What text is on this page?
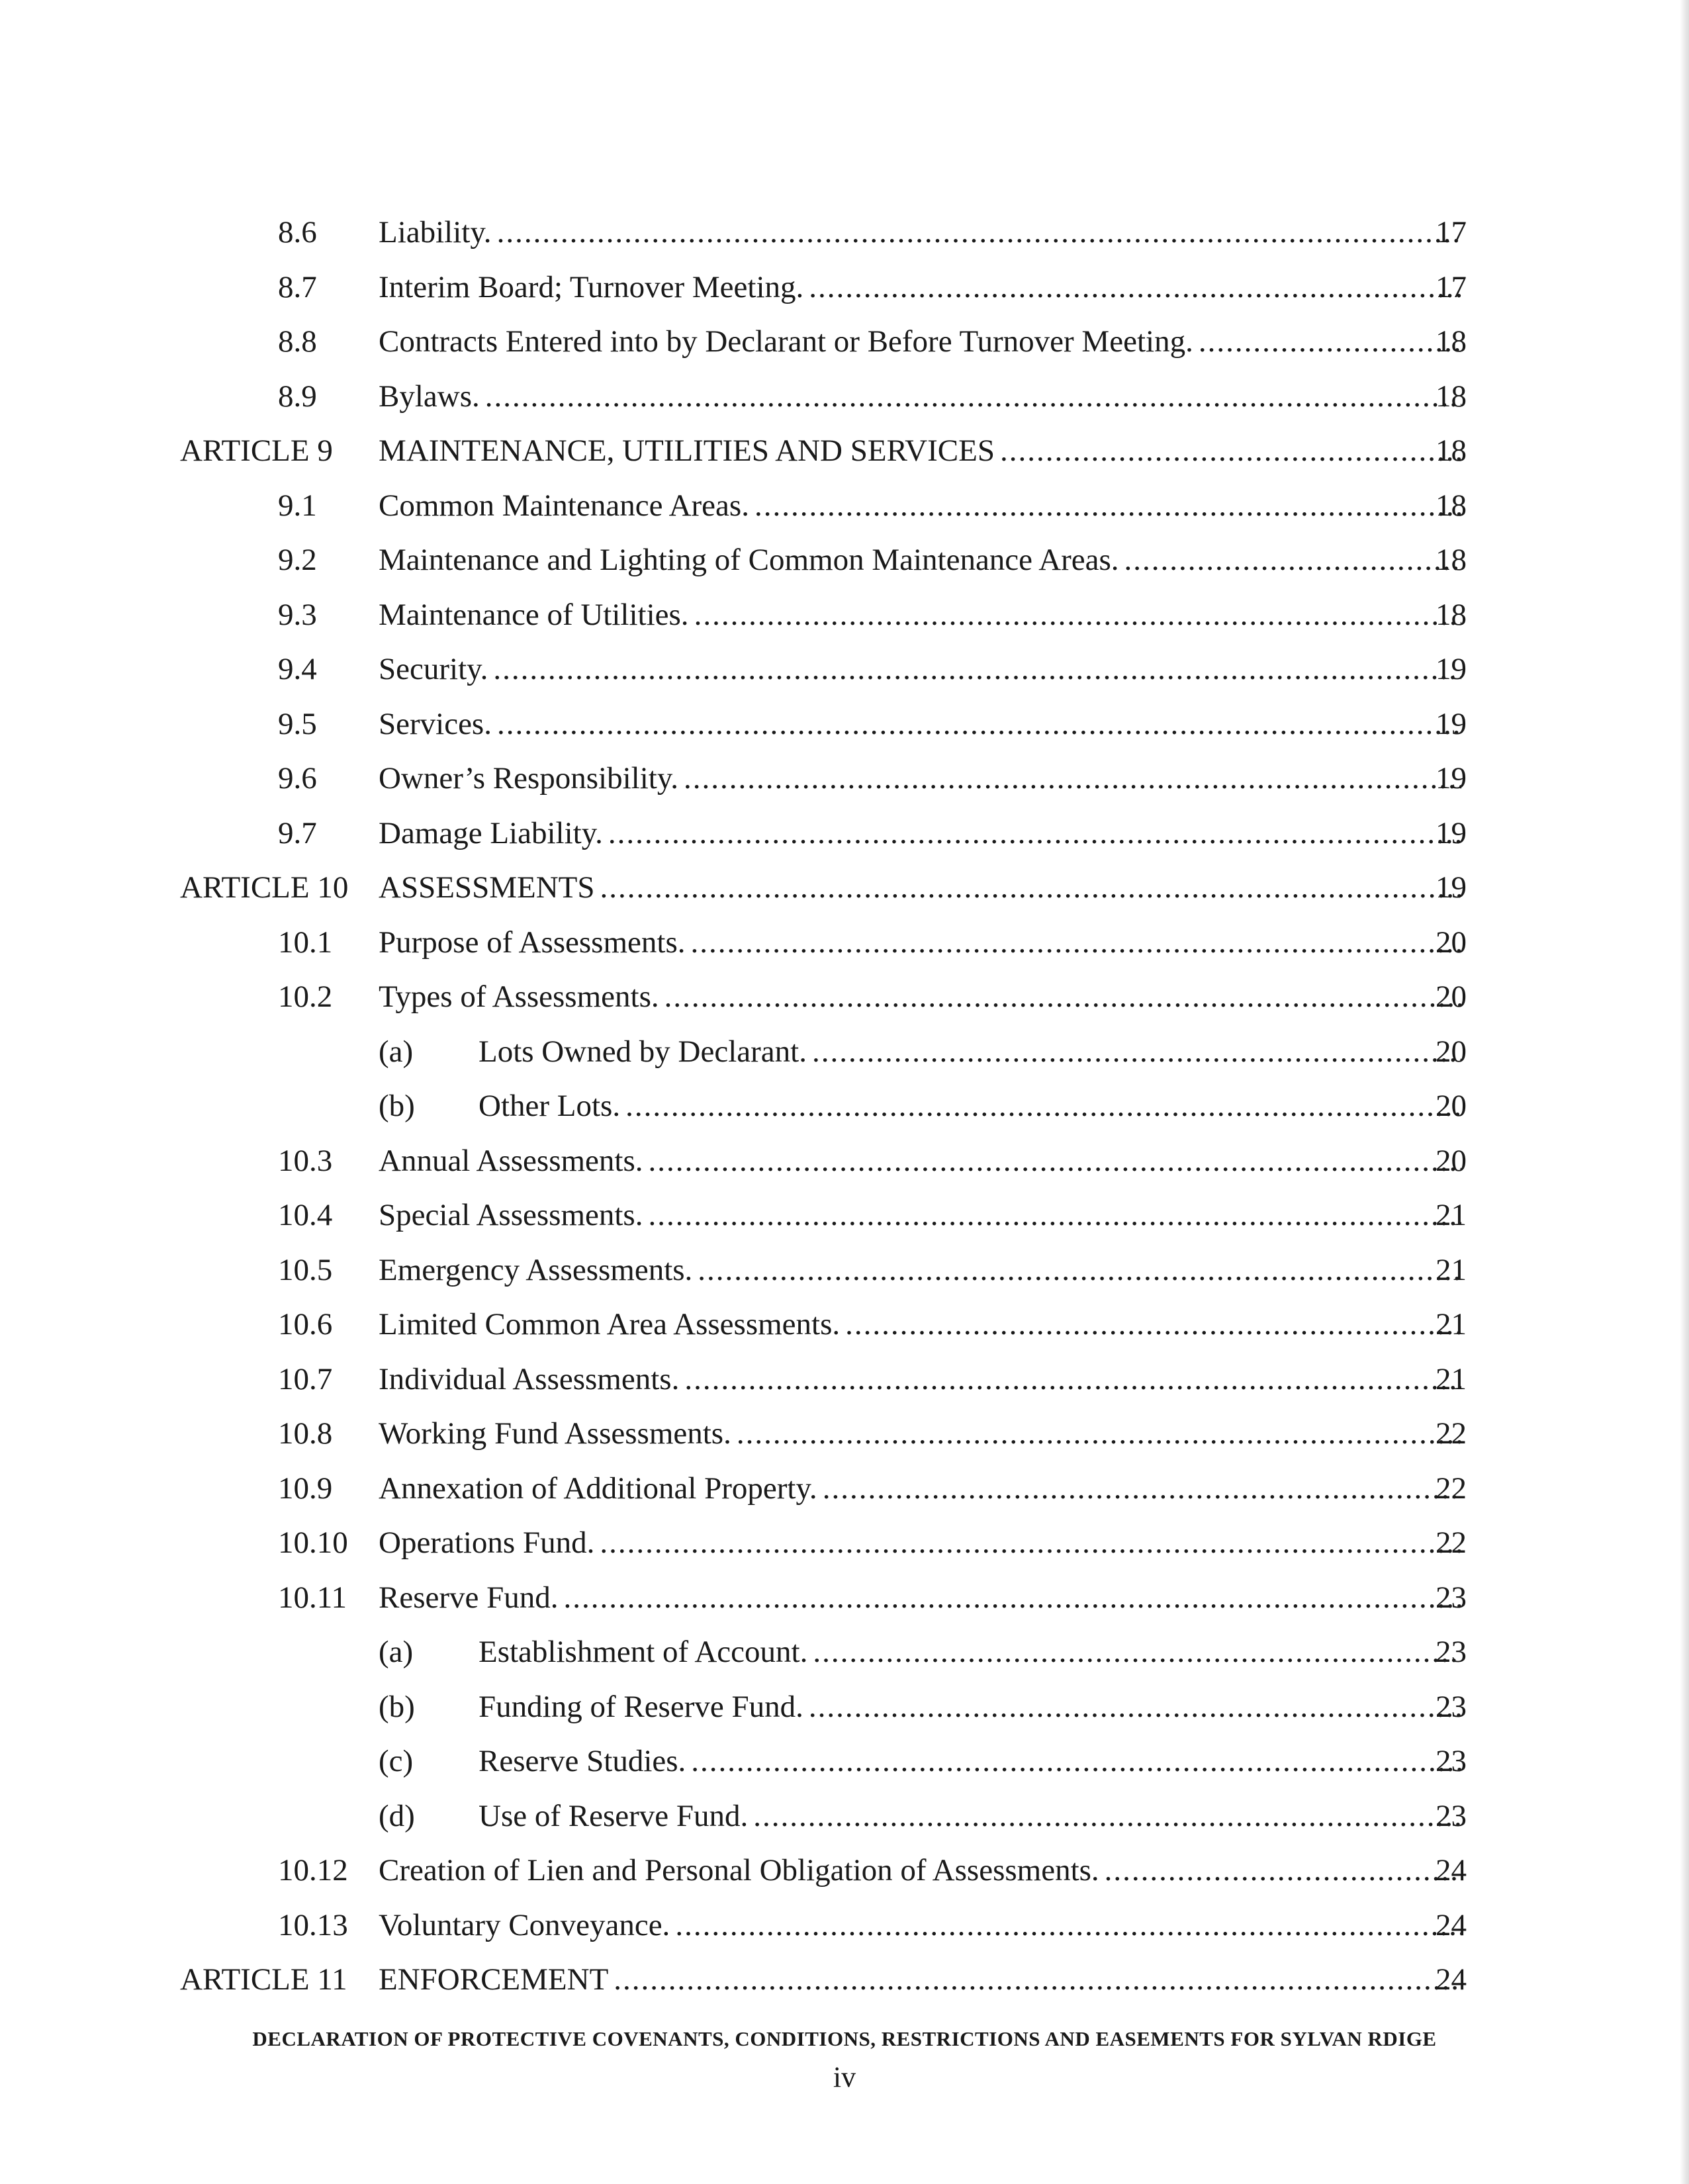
8.6 Liability. .....	17
8.7 Interim Board; Turnover Meeting. .....	17
8.8 Contracts Entered into by Declarant or Before Turnover Meeting. .....	18
8.9 Bylaws. .....	18
ARTICLE 9 MAINTENANCE, UTILITIES AND SERVICES .....	18
9.1 Common Maintenance Areas. .....	18
9.2 Maintenance and Lighting of Common Maintenance Areas. .....	18
9.3 Maintenance of Utilities. .....	18
9.4 Security. .....	19
9.5 Services. .....	19
9.6 Owner’s Responsibility. .....	19
9.7 Damage Liability. .....	19
ARTICLE 10 ASSESSMENTS .....	19
10.1 Purpose of Assessments. .....	20
10.2 Types of Assessments. .....	20
(a) Lots Owned by Declarant. .....	20
(b) Other Lots. .....	20
10.3 Annual Assessments. .....	20
10.4 Special Assessments. .....	21
10.5 Emergency Assessments. .....	21
10.6 Limited Common Area Assessments. .....	21
10.7 Individual Assessments. .....	21
10.8 Working Fund Assessments. .....	22
10.9 Annexation of Additional Property. .....	22
10.10 Operations Fund. .....	22
10.11 Reserve Fund. .....	23
(a) Establishment of Account. .....	23
(b) Funding of Reserve Fund. .....	23
(c) Reserve Studies. .....	23
(d) Use of Reserve Fund. .....	23
10.12 Creation of Lien and Personal Obligation of Assessments. .....	24
10.13 Voluntary Conveyance. .....	24
ARTICLE 11 ENFORCEMENT .....	24
DECLARATION OF PROTECTIVE COVENANTS, CONDITIONS, RESTRICTIONS AND EASEMENTS FOR SYLVAN RDIGE
iv
